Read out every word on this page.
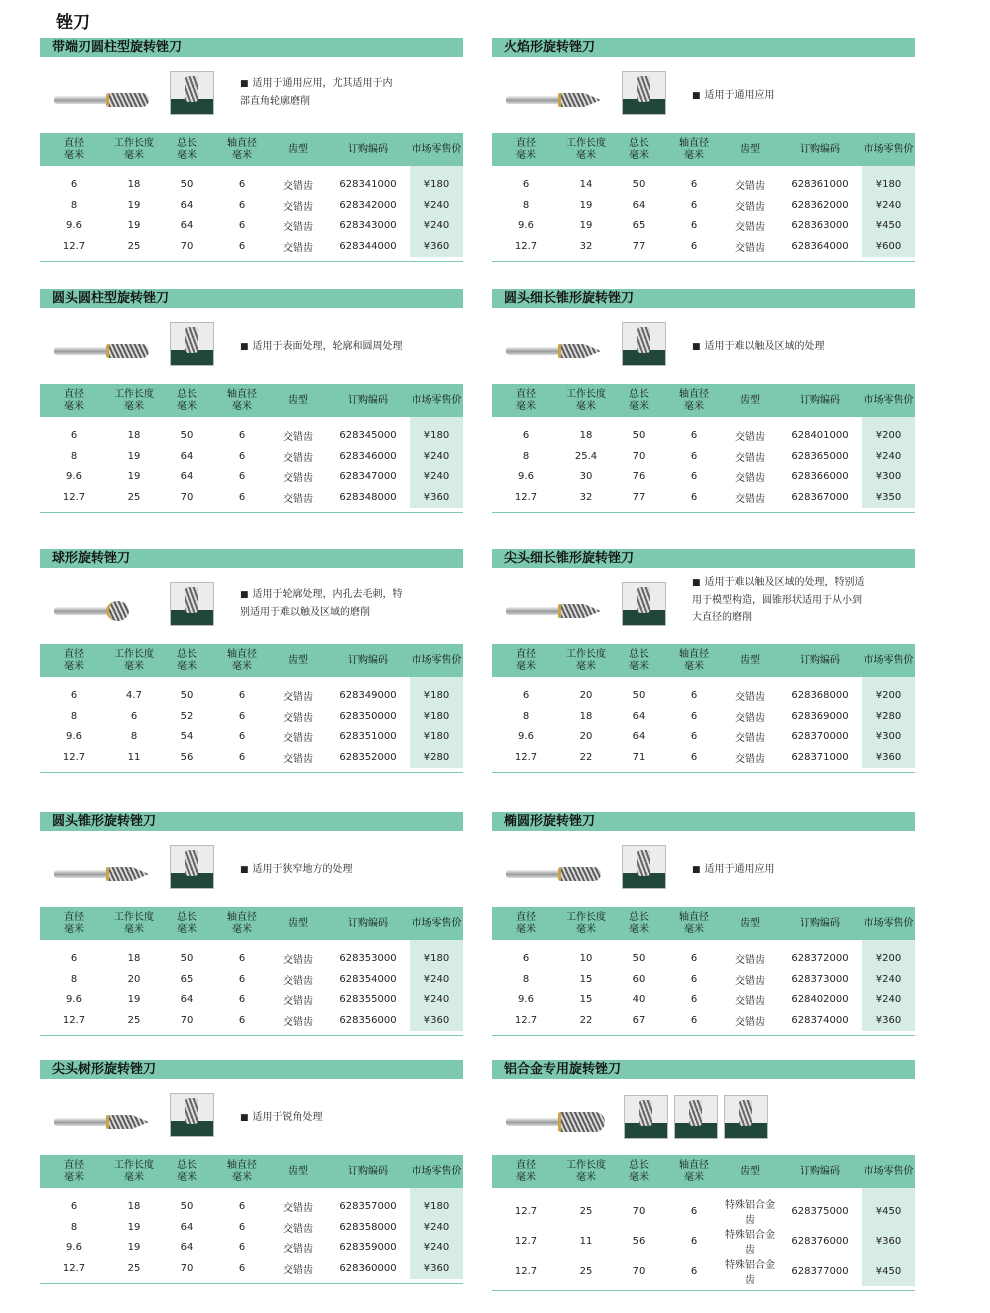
锉刀
带端刃圆柱型旋转锉刀
■ 适用于通用应用，尤其适用于内
部直角轮廓磨削
直径
毫米	工作长度
毫米	总长
毫米	轴直径
毫米	齿型	订购编码	市场零售价
6	18	50	6	交错齿	628341000	¥180
8	19	64	6	交错齿	628342000	¥240
9.6	19	64	6	交错齿	628343000	¥240
12.7	25	70	6	交错齿	628344000	¥360
火焰形旋转锉刀
■ 适用于通用应用
直径
毫米	工作长度
毫米	总长
毫米	轴直径
毫米	齿型	订购编码	市场零售价
6	14	50	6	交错齿	628361000	¥180
8	19	64	6	交错齿	628362000	¥240
9.6	19	65	6	交错齿	628363000	¥450
12.7	32	77	6	交错齿	628364000	¥600
圆头圆柱型旋转锉刀
■ 适用于表面处理，轮廓和圆周处理
直径
毫米	工作长度
毫米	总长
毫米	轴直径
毫米	齿型	订购编码	市场零售价
6	18	50	6	交错齿	628345000	¥180
8	19	64	6	交错齿	628346000	¥240
9.6	19	64	6	交错齿	628347000	¥240
12.7	25	70	6	交错齿	628348000	¥360
圆头细长锥形旋转锉刀
■ 适用于难以触及区域的处理
直径
毫米	工作长度
毫米	总长
毫米	轴直径
毫米	齿型	订购编码	市场零售价
6	18	50	6	交错齿	628401000	¥200
8	25.4	70	6	交错齿	628365000	¥240
9.6	30	76	6	交错齿	628366000	¥300
12.7	32	77	6	交错齿	628367000	¥350
球形旋转锉刀
■ 适用于轮廓处理，内孔去毛刺，特
别适用于难以触及区域的磨削
直径
毫米	工作长度
毫米	总长
毫米	轴直径
毫米	齿型	订购编码	市场零售价
6	4.7	50	6	交错齿	628349000	¥180
8	6	52	6	交错齿	628350000	¥180
9.6	8	54	6	交错齿	628351000	¥180
12.7	11	56	6	交错齿	628352000	¥280
尖头细长锥形旋转锉刀
■ 适用于难以触及区域的处理，特别适
用于模型构造，圆锥形状适用于从小到
大直径的磨削
直径
毫米	工作长度
毫米	总长
毫米	轴直径
毫米	齿型	订购编码	市场零售价
6	20	50	6	交错齿	628368000	¥200
8	18	64	6	交错齿	628369000	¥280
9.6	20	64	6	交错齿	628370000	¥300
12.7	22	71	6	交错齿	628371000	¥360
圆头锥形旋转锉刀
■ 适用于狭窄地方的处理
直径
毫米	工作长度
毫米	总长
毫米	轴直径
毫米	齿型	订购编码	市场零售价
6	18	50	6	交错齿	628353000	¥180
8	20	65	6	交错齿	628354000	¥240
9.6	19	64	6	交错齿	628355000	¥240
12.7	25	70	6	交错齿	628356000	¥360
椭圆形旋转锉刀
■ 适用于通用应用
直径
毫米	工作长度
毫米	总长
毫米	轴直径
毫米	齿型	订购编码	市场零售价
6	10	50	6	交错齿	628372000	¥200
8	15	60	6	交错齿	628373000	¥240
9.6	15	40	6	交错齿	628402000	¥240
12.7	22	67	6	交错齿	628374000	¥360
尖头树形旋转锉刀
■ 适用于锐角处理
直径
毫米	工作长度
毫米	总长
毫米	轴直径
毫米	齿型	订购编码	市场零售价
6	18	50	6	交错齿	628357000	¥180
8	19	64	6	交错齿	628358000	¥240
9.6	19	64	6	交错齿	628359000	¥240
12.7	25	70	6	交错齿	628360000	¥360
铝合金专用旋转锉刀
直径
毫米	工作长度
毫米	总长
毫米	轴直径
毫米	齿型	订购编码	市场零售价
12.7	25	70	6	特殊铝合金齿	628375000	¥450
12.7	11	56	6	特殊铝合金齿	628376000	¥360
12.7	25	70	6	特殊铝合金齿	628377000	¥450
